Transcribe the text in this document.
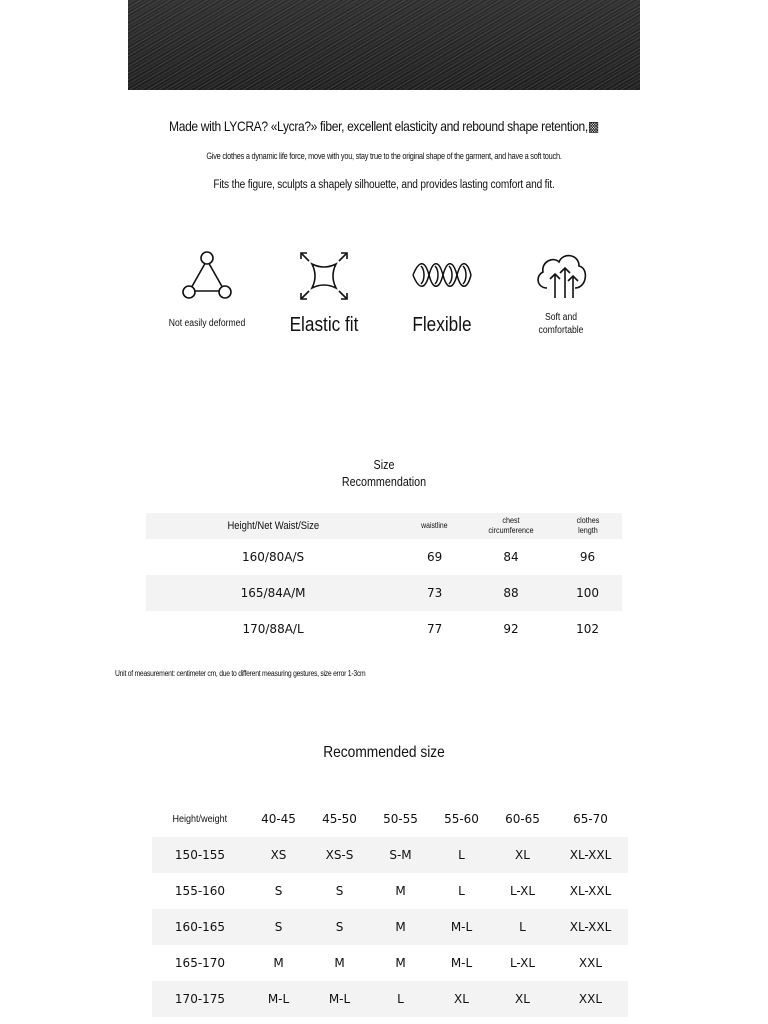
Made with LYCRA? «Lycra?» fiber, excellent elasticity and rebound shape retention,▩
Give clothes a dynamic life force, move with you, stay true to the original shape of the garment, and have a soft touch.
Fits the figure, sculpts a shapely silhouette, and provides lasting comfort and fit.
Not easily deformed	Elastic fit	Flexible	Soft and comfortable
Size
Recommendation
Height/Net Waist/Size	waistline	chest circumference	clothes length

160/80A/S	69	84	96
165/84A/M	73	88	100
170/88A/L	77	92	102
Unit of measurement: centimeter cm, due to different measuring gestures, size error 1-3cm
Recommended size
Height/weight	40-45	45-50	50-55	55-60	60-65	65-70
150-155	XS	XS-S	S-M	L	XL	XL-XXL
155-160	S	S	M	L	L-XL	XL-XXL
160-165	S	S	M	M-L	L	XL-XXL
165-170	M	M	M	M-L	L-XL	XXL
170-175	M-L	M-L	L	XL	XL	XXL
